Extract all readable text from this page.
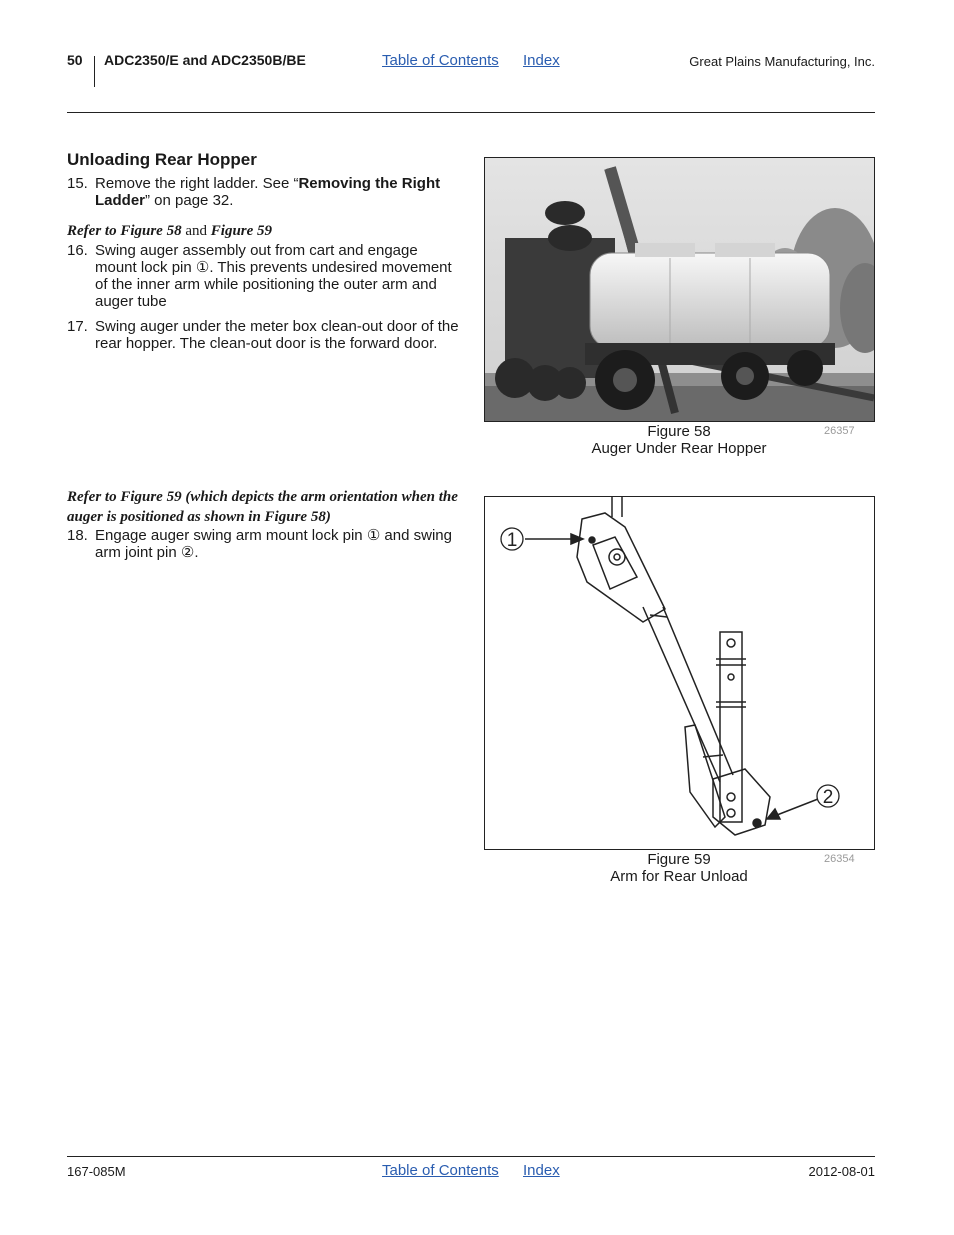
50 ADC2350/E and ADC2350B/BE	Table of Contents Index	Great Plains Manufacturing, Inc.
Unloading Rear Hopper
15. Remove the right ladder. See “Removing the Right Ladder” on page 32.
Refer to Figure 58 and Figure 59
16. Swing auger assembly out from cart and engage mount lock pin ①. This prevents undesired movement of the inner arm while positioning the outer arm and auger tube
17. Swing auger under the meter box clean-out door of the rear hopper. The clean-out door is the forward door.
Refer to Figure 59 (which depicts the arm orientation when the auger is positioned as shown in Figure 58)
18. Engage auger swing arm mount lock pin ① and swing arm joint pin ②.
Figure 58
Auger Under Rear Hopper
26357
1
2
Figure 59
Arm for Rear Unload
26354
167-085M	Table of Contents Index	2012-08-01
